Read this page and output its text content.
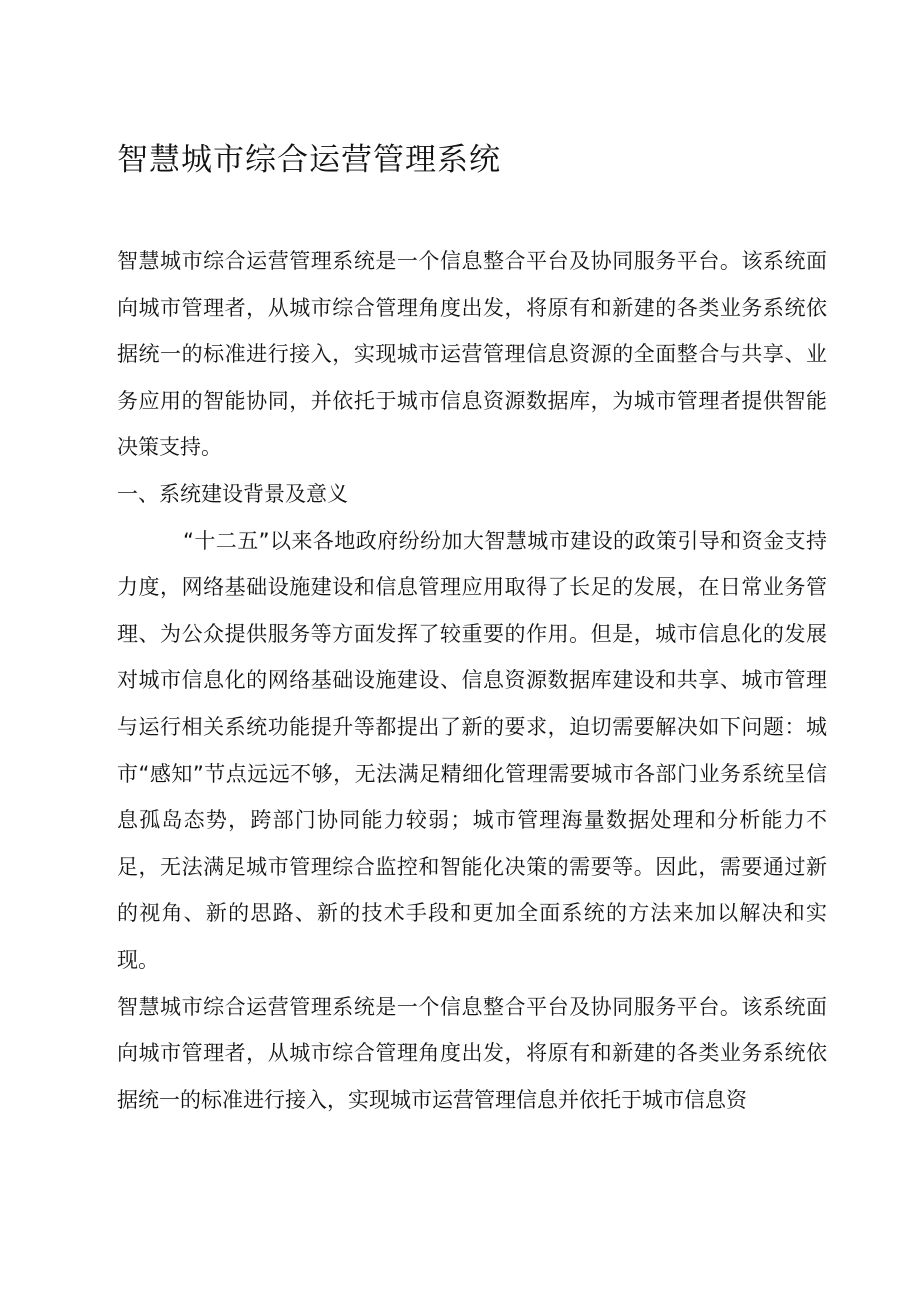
智慧城市综合运营管理系统

智慧城市综合运营管理系统是一个信息整合平台及协同服务平台。该系统面向城市管理者，从城市综合管理角度出发，将原有和新建的各类业务系统依据统一的标准进行接入，实现城市运营管理信息资源的全面整合与共享、业务应用的智能协同，并依托于城市信息资源数据库，为城市管理者提供智能决策支持。

一、系统建设背景及意义

“十二五”以来各地政府纷纷加大智慧城市建设的政策引导和资金支持力度，网络基础设施建设和信息管理应用取得了长足的发展，在日常业务管理、为公众提供服务等方面发挥了较重要的作用。但是，城市信息化的发展对城市信息化的网络基础设施建设、信息资源数据库建设和共享、城市管理与运行相关系统功能提升等都提出了新的要求，迫切需要解决如下问题：城市“感知”节点远远不够，无法满足精细化管理需要城市各部门业务系统呈信息孤岛态势，跨部门协同能力较弱；城市管理海量数据处理和分析能力不足，无法满足城市管理综合监控和智能化决策的需要等。因此，需要通过新的视角、新的思路、新的技术手段和更加全面系统的方法来加以解决和实现。

智慧城市综合运营管理系统是一个信息整合平台及协同服务平台。该系统面向城市管理者，从城市综合管理角度出发，将原有和新建的各类业务系统依据统一的标准进行接入，实现城市运营管理信息并依托于城市信息资
